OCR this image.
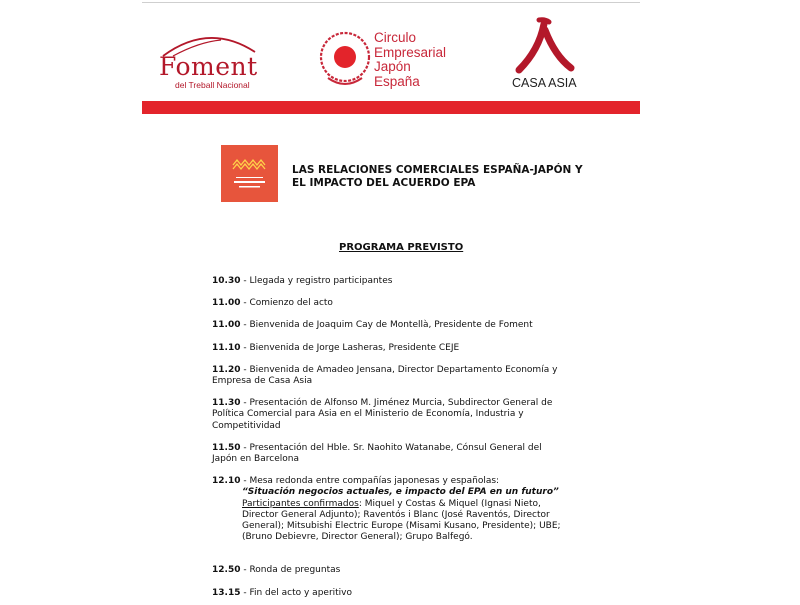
Foment
del Treball Nacional
Circulo
Empresarial
Japón
España	CASA ASIA
LAS RELACIONES COMERCIALES ESPAÑA-JAPÓN Y EL IMPACTO DEL ACUERDO EPA
PROGRAMA PREVISTO
10.30 - Llegada y registro participantes
11.00 - Comienzo del acto
11.00 - Bienvenida de Joaquim Cay de Montellà, Presidente de Foment
11.10 - Bienvenida de Jorge Lasheras, Presidente CEJE
11.20 - Bienvenida de Amadeo Jensana, Director Departamento Economía y Empresa de Casa Asia
11.30 - Presentación de Alfonso M. Jiménez Murcia, Subdirector General de Política Comercial para Asia en el Ministerio de Economía, Industria y Competitividad
11.50 - Presentación del Hble. Sr. Naohito Watanabe, Cónsul General del Japón en Barcelona
12.10 - Mesa redonda entre compañías japonesas y españolas:
“Situación negocios actuales, e impacto del EPA en un futuro”
Participantes confirmados: Miquel y Costas & Miquel (Ignasi Nieto, Director General Adjunto); Raventós i Blanc (José Raventós, Director General); Mitsubishi Electric Europe (Misami Kusano, Presidente); UBE; (Bruno Debievre, Director General); Grupo Balfegó.
12.50 - Ronda de preguntas
13.15 - Fin del acto y aperitivo
